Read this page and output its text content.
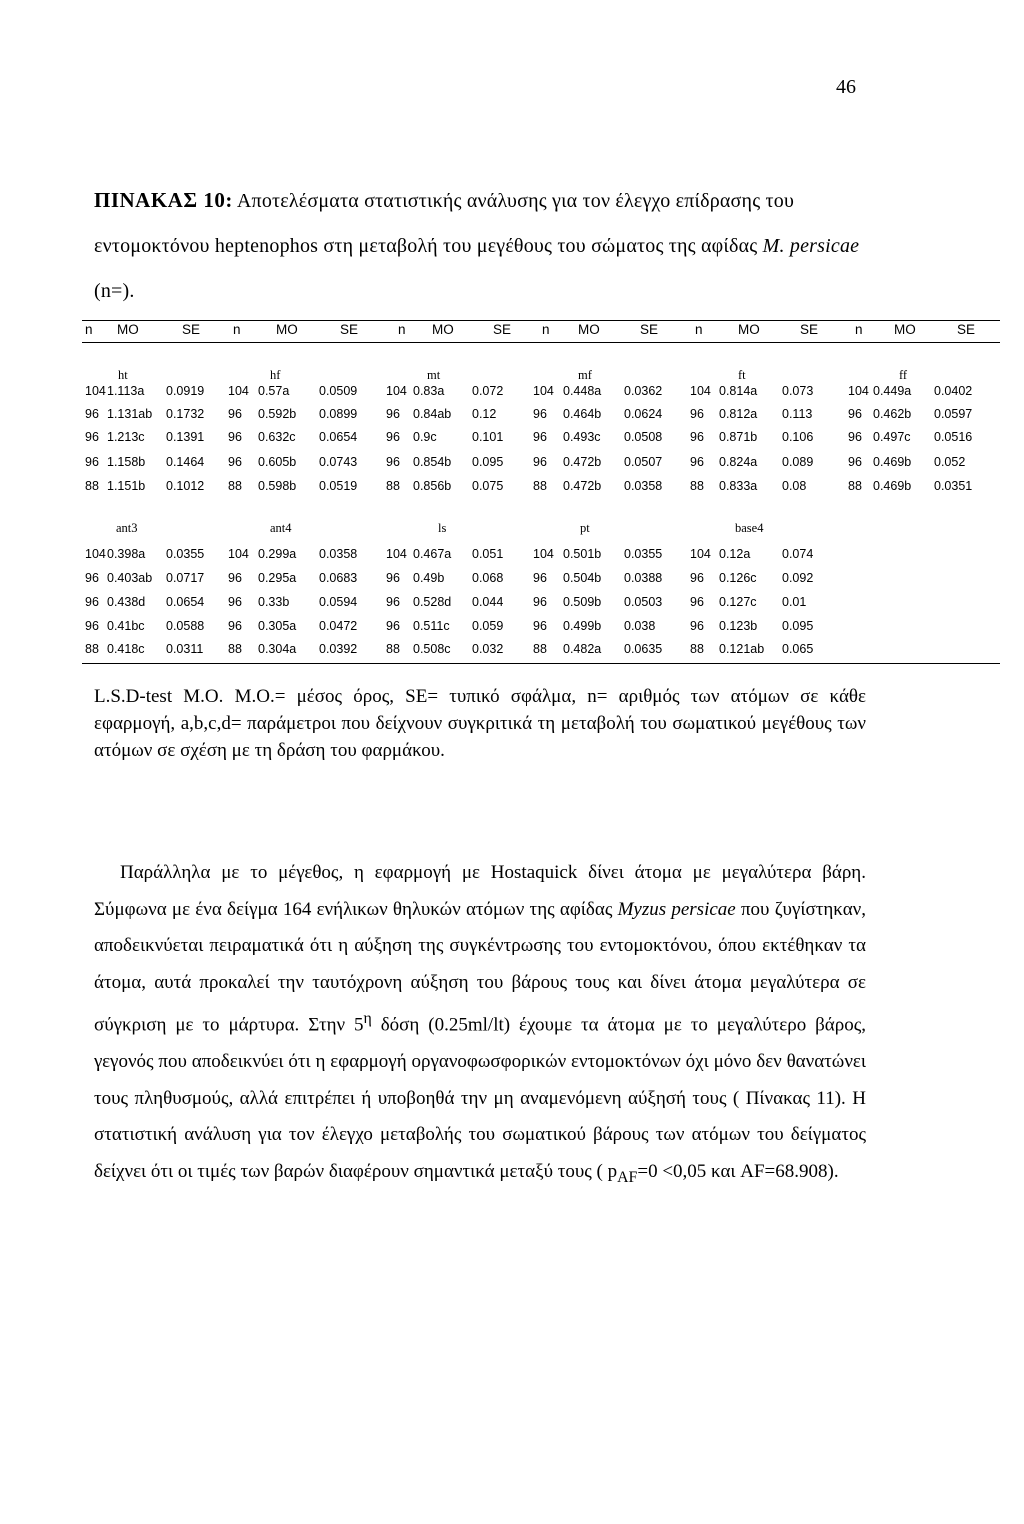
46
ΠΙΝΑΚΑΣ 10: Αποτελέσματα στατιστικής ανάλυσης για τον έλεγχο επίδρασης του εντομοκτόνου heptenophos στη μεταβολή του μεγέθους του σώματος της αφίδας M. persicae (n=).
n MO	SE n	MO	SE	n MO	SE n MO	SE	n	MO	SE	n MO	SE
ht	hf	mt	mf	ft	ff
104 1.113a 0.0919 104 0.57a 0.0509 104 0.83a 0.072 104 0.448a 0.0362 104 0.814a 0.073	104 0.449a 0.0402
96 1.131ab 0.1732 96 0.592b 0.0899 96 0.84ab 0.12	96 0.464b 0.0624 96 0.812a 0.113	96 0.462b 0.0597
96 1.213c 0.1391 96 0.632c 0.0654 96 0.9c	0.101 96 0.493c 0.0508 96 0.871b 0.106	96 0.497c 0.0516
96 1.158b 0.1464 96 0.605b 0.0743 96 0.854b 0.095 96 0.472b 0.0507 96 0.824a 0.089	96 0.469b 0.052
88 1.151b 0.1012 88 0.598b 0.0519 88 0.856b 0.075 88 0.472b 0.0358 88 0.833a 0.08	88 0.469b 0.0351
ant3	ant4	ls	pt	base4
104 0.398a 0.0355 104 0.299a 0.0358 104 0.467a 0.051 104 0.501b 0.0355 104 0.12a	0.074
96 0.403ab 0.0717 96 0.295a 0.0683 96 0.49b 0.068 96 0.504b 0.0388 96 0.126c 0.092
96 0.438d 0.0654 96 0.33b 0.0594 96 0.528d 0.044 96 0.509b 0.0503 96 0.127c 0.01
96 0.41bc 0.0588 96 0.305a 0.0472 96 0.511c 0.059 96 0.499b 0.038	96 0.123b 0.095
88 0.418c 0.0311 88 0.304a 0.0392 88 0.508c 0.032 88 0.482a 0.0635 88 0.121ab 0.065
L.S.D-test M.O. M.O.= μέσος όρος, SE= τυπικό σφάλμα, n= αριθμός των ατόμων σε κάθε εφαρμογή, a,b,c,d= παράμετροι που δείχνουν συγκριτικά τη μεταβολή του σωματικού μεγέθους των ατόμων σε σχέση με τη δράση του φαρμάκου.
Παράλληλα με το μέγεθος, η εφαρμογή με Hostaquick δίνει άτομα με μεγαλύτερα βάρη. Σύμφωνα με ένα δείγμα 164 ενήλικων θηλυκών ατόμων της αφίδας Myzus persicae που ζυγίστηκαν, αποδεικνύεται πειραματικά ότι η αύξηση της συγκέντρωσης του εντομοκτόνου, όπου εκτέθηκαν τα άτομα, αυτά προκαλεί την ταυτόχρονη αύξηση του βάρους τους και δίνει άτομα μεγαλύτερα σε σύγκριση με το μάρτυρα. Στην $5^\eta$ δόση (0.25ml/lt) έχουμε τα άτομα με το μεγαλύτερο βάρος, γεγονός που αποδεικνύει ότι η εφαρμογή οργανοφωσφορικών εντομοκτόνων όχι μόνο δεν θανατώνει τους πληθυσμούς, αλλά επιτρέπει ή υποβοηθά την μη αναμενόμενη αύξησή τους ( Πίνακας 11). Η στατιστική ανάλυση για τον έλεγχο μεταβολής του σωματικού βάρους των ατόμων του δείγματος δείχνει ότι οι τιμές των βαρών διαφέρουν σημαντικά μεταξύ τους ( $p_{AF}=0 <0,05$ και AF=68.908).
